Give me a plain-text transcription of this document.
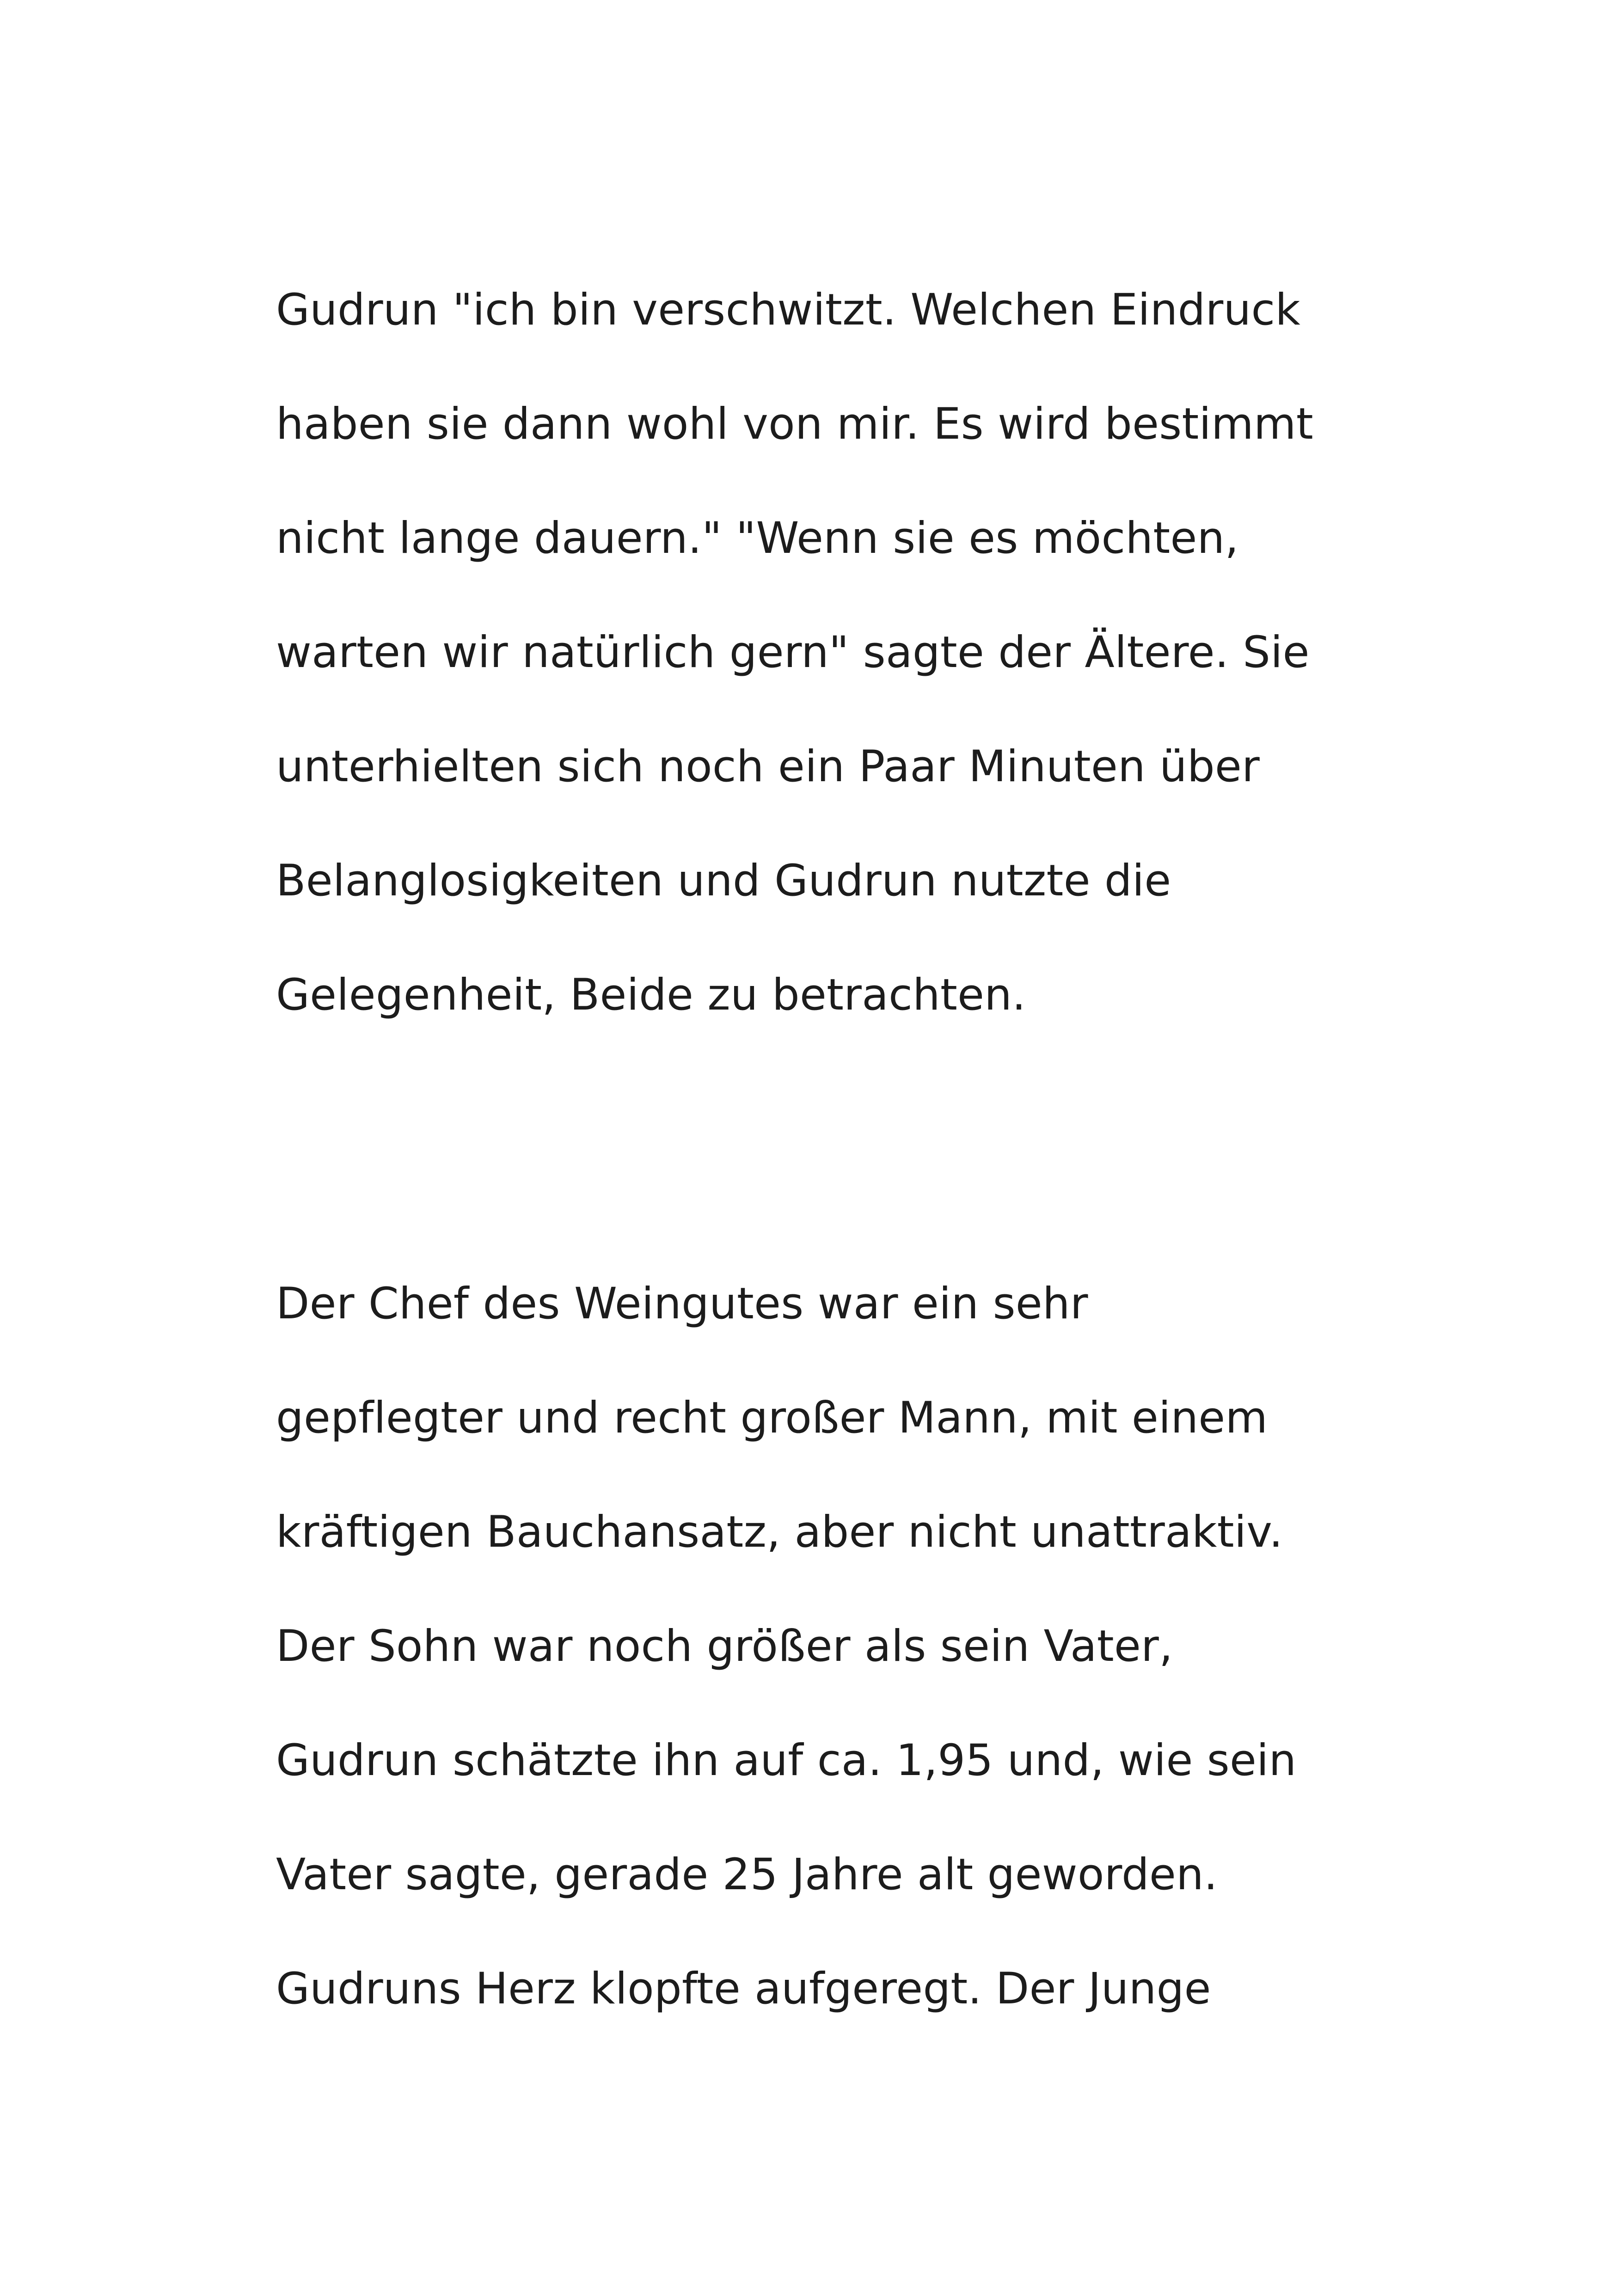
Gudrun "ich bin verschwitzt. Welchen Eindruck
haben sie dann wohl von mir. Es wird bestimmt
nicht lange dauern." "Wenn sie es möchten,
warten wir natürlich gern" sagte der Ältere. Sie
unterhielten sich noch ein Paar Minuten über
Belanglosigkeiten und Gudrun nutzte die
Gelegenheit, Beide zu betrachten.
Der Chef des Weingutes war ein sehr
gepflegter und recht großer Mann, mit einem
kräftigen Bauchansatz, aber nicht unattraktiv.
Der Sohn war noch größer als sein Vater,
Gudrun schätzte ihn auf ca. 1,95 und, wie sein
Vater sagte, gerade 25 Jahre alt geworden.
Gudruns Herz klopfte aufgeregt. Der Junge
